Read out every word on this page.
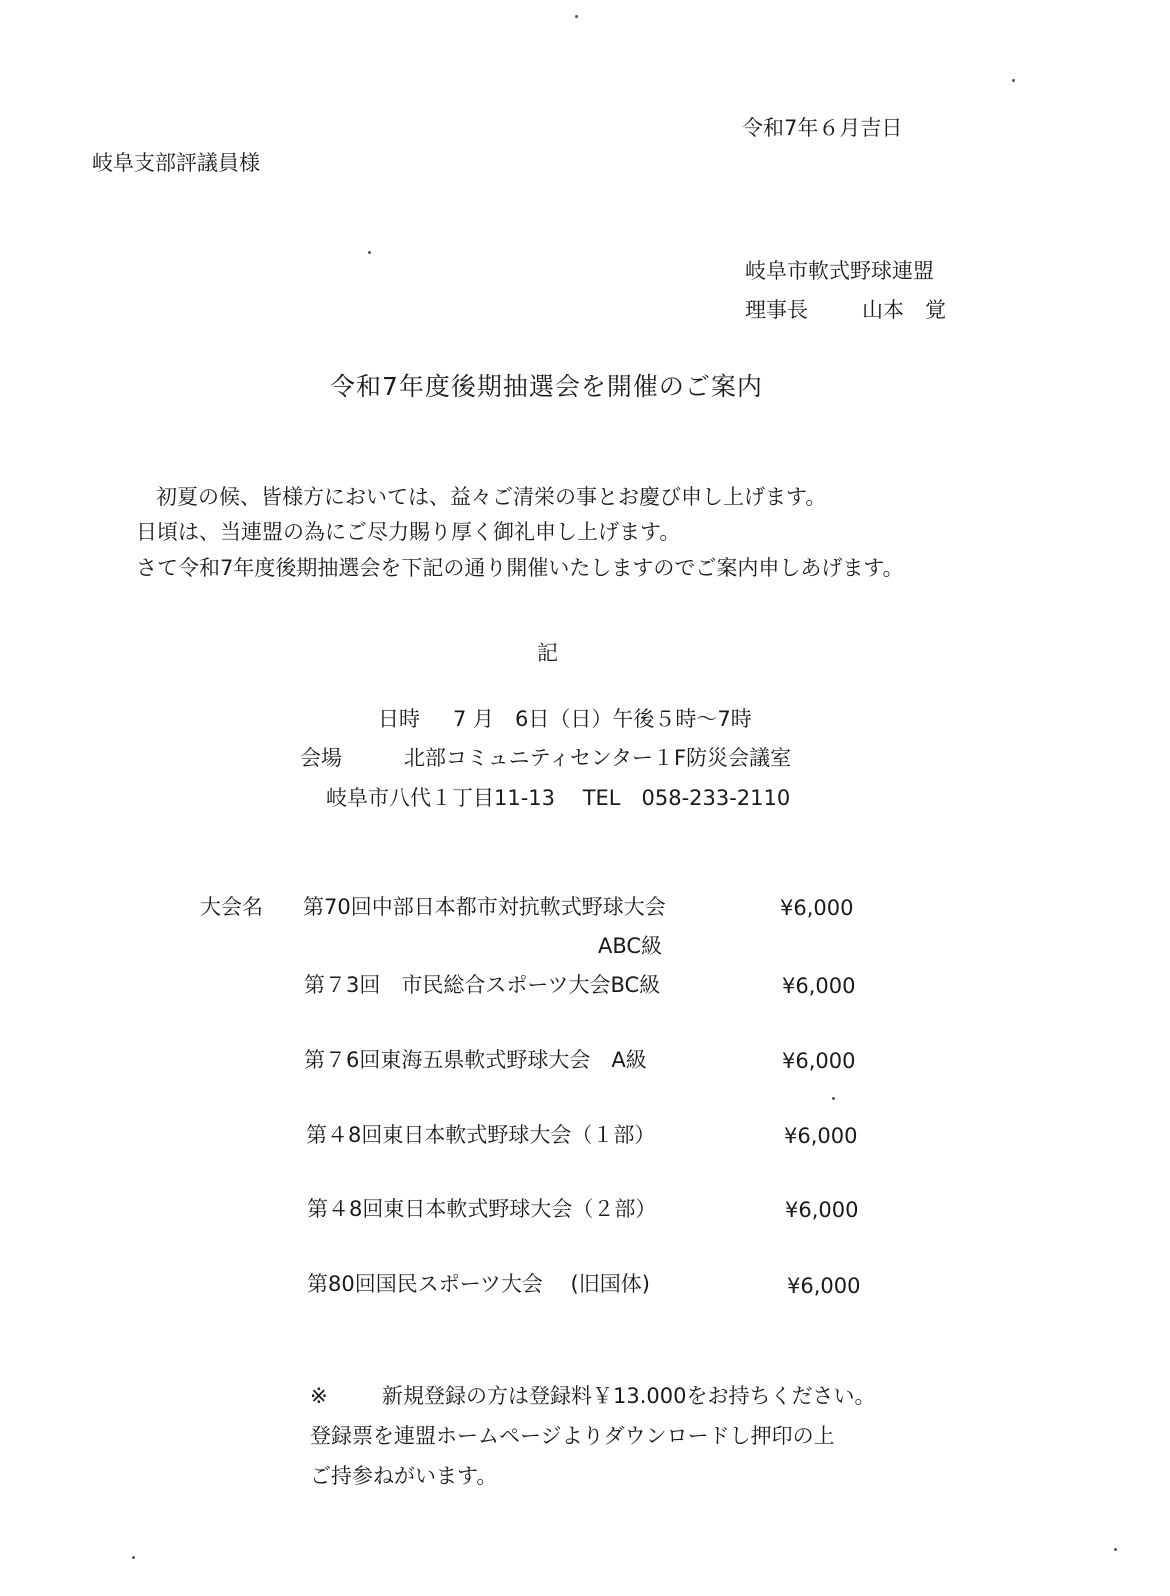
令和7年６月吉日
岐阜支部評議員様
岐阜市軟式野球連盟
理事長	山本　覚
令和7年度後期抽選会を開催のご案内
初夏の候、皆様方においては、益々ご清栄の事とお慶び申し上げます。
日頃は、当連盟の為にご尽力賜り厚く御礼申し上げます。
さて令和7年度後期抽選会を下記の通り開催いたしますのでご案内申しあげます。
記
日時 7 月　6日（日）午後５時～7時
会場	北部コミュニティセンター１F防災会議室
岐阜市八代１丁目11-13　 TEL　058-233-2110
大会名 第70回中部日本都市対抗軟式野球大会	¥6,000
ABC級
第７3回　市民総合スポーツ大会BC級	¥6,000
第７6回東海五県軟式野球大会　A級	¥6,000
第４8回東日本軟式野球大会（１部）	¥6,000
第４8回東日本軟式野球大会（２部）	¥6,000
第80回国民スポーツ大会　 (旧国体)	¥6,000
※	新規登録の方は登録料￥13.000をお持ちください。
登録票を連盟ホームページよりダウンロードし押印の上
ご持参ねがいます。
